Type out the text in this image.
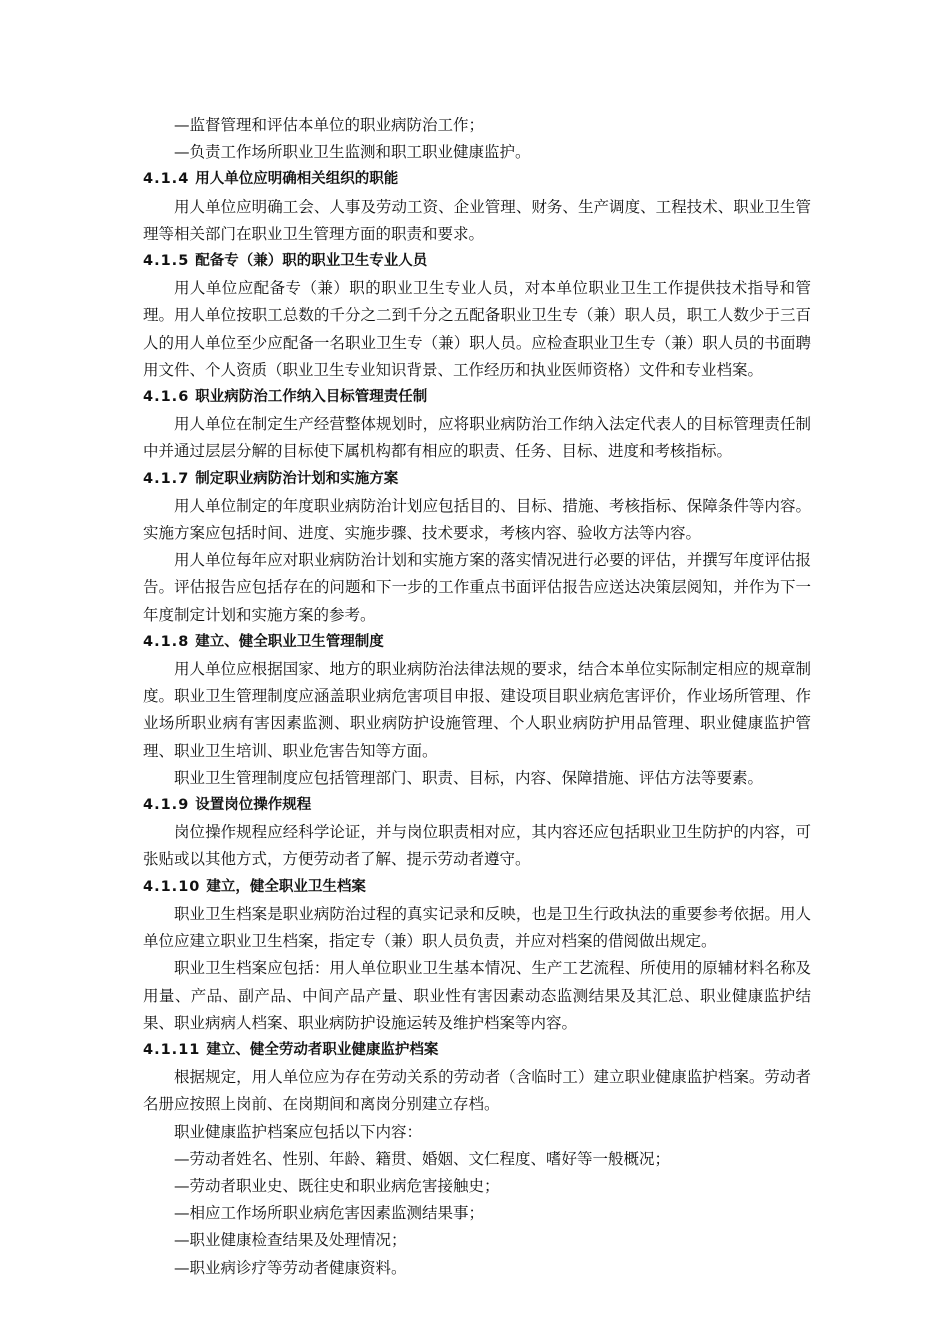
—监督管理和评估本单位的职业病防治工作；
—负责工作场所职业卫生监测和职工职业健康监护。
4.1.4 用人单位应明确相关组织的职能
用人单位应明确工会、人事及劳动工资、企业管理、财务、生产调度、工程技术、职业卫生管理等相关部门在职业卫生管理方面的职责和要求。
4.1.5 配备专（兼）职的职业卫生专业人员
用人单位应配备专（兼）职的职业卫生专业人员，对本单位职业卫生工作提供技术指导和管理。用人单位按职工总数的千分之二到千分之五配备职业卫生专（兼）职人员，职工人数少于三百人的用人单位至少应配备一名职业卫生专（兼）职人员。应检查职业卫生专（兼）职人员的书面聘用文件、个人资质（职业卫生专业知识背景、工作经历和执业医师资格）文件和专业档案。
4.1.6 职业病防治工作纳入目标管理责任制
用人单位在制定生产经营整体规划时，应将职业病防治工作纳入法定代表人的目标管理责任制中并通过层层分解的目标使下属机构都有相应的职责、任务、目标、进度和考核指标。
4.1.7 制定职业病防治计划和实施方案
用人单位制定的年度职业病防治计划应包括目的、目标、措施、考核指标、保障条件等内容。实施方案应包括时间、进度、实施步骤、技术要求，考核内容、验收方法等内容。
用人单位每年应对职业病防治计划和实施方案的落实情况进行必要的评估，并撰写年度评估报告。评估报告应包括存在的问题和下一步的工作重点书面评估报告应送达决策层阅知，并作为下一年度制定计划和实施方案的参考。
4.1.8 建立、健全职业卫生管理制度
用人单位应根据国家、地方的职业病防治法律法规的要求，结合本单位实际制定相应的规章制度。职业卫生管理制度应涵盖职业病危害项目申报、建设项目职业病危害评价，作业场所管理、作业场所职业病有害因素监测、职业病防护设施管理、个人职业病防护用品管理、职业健康监护管理、职业卫生培训、职业危害告知等方面。
职业卫生管理制度应包括管理部门、职责、目标，内容、保障措施、评估方法等要素。
4.1.9 设置岗位操作规程
岗位操作规程应经科学论证，并与岗位职责相对应，其内容还应包括职业卫生防护的内容，可张贴或以其他方式，方便劳动者了解、提示劳动者遵守。
4.1.10 建立，健全职业卫生档案
职业卫生档案是职业病防治过程的真实记录和反映，也是卫生行政执法的重要参考依据。用人单位应建立职业卫生档案，指定专（兼）职人员负责，并应对档案的借阅做出规定。
职业卫生档案应包括：用人单位职业卫生基本情况、生产工艺流程、所使用的原辅材料名称及用量、产品、副产品、中间产品产量、职业性有害因素动态监测结果及其汇总、职业健康监护结果、职业病病人档案、职业病防护设施运转及维护档案等内容。
4.1.11 建立、健全劳动者职业健康监护档案
根据规定，用人单位应为存在劳动关系的劳动者（含临时工）建立职业健康监护档案。劳动者名册应按照上岗前、在岗期间和离岗分别建立存档。
职业健康监护档案应包括以下内容：
—劳动者姓名、性别、年龄、籍贯、婚姻、文仁程度、嗜好等一般概况；
—劳动者职业史、既往史和职业病危害接触史；
—相应工作场所职业病危害因素监测结果事；
—职业健康检查结果及处理情况；
—职业病诊疗等劳动者健康资料。
